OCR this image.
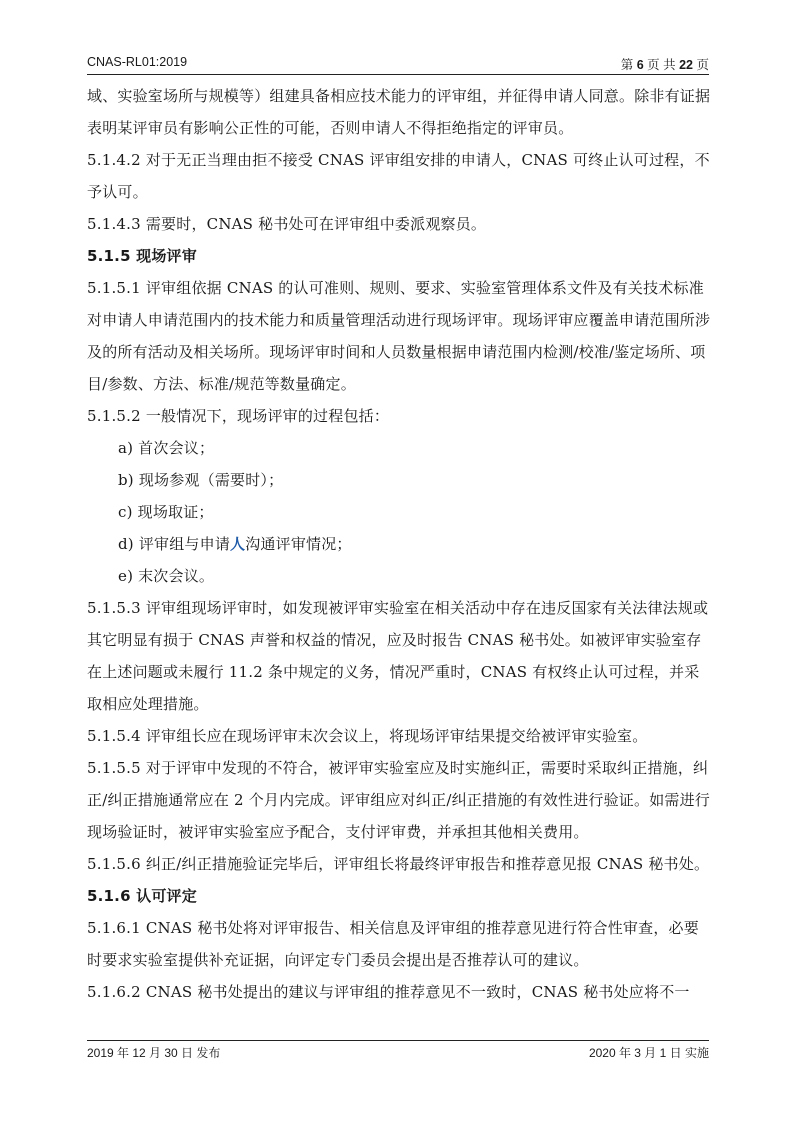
CNAS-RL01:2019	第 6 页 共 22 页

域、实验室场所与规模等）组建具备相应技术能力的评审组，并征得申请人同意。除非有证据表明某评审员有影响公正性的可能，否则申请人不得拒绝指定的评审员。

5.1.4.2 对于无正当理由拒不接受 CNAS 评审组安排的申请人，CNAS 可终止认可过程，不予认可。

5.1.4.3 需要时，CNAS 秘书处可在评审组中委派观察员。

5.1.5 现场评审

5.1.5.1 评审组依据 CNAS 的认可准则、规则、要求、实验室管理体系文件及有关技术标准对申请人申请范围内的技术能力和质量管理活动进行现场评审。现场评审应覆盖申请范围所涉及的所有活动及相关场所。现场评审时间和人员数量根据申请范围内检测/校准/鉴定场所、项目/参数、方法、标准/规范等数量确定。

5.1.5.2 一般情况下，现场评审的过程包括：

a) 首次会议；

b) 现场参观（需要时）；

c) 现场取证；

d) 评审组与申请人沟通评审情况；

e) 末次会议。

5.1.5.3 评审组现场评审时，如发现被评审实验室在相关活动中存在违反国家有关法律法规或其它明显有损于 CNAS 声誉和权益的情况，应及时报告 CNAS 秘书处。如被评审实验室存在上述问题或未履行 11.2 条中规定的义务，情况严重时，CNAS 有权终止认可过程，并采取相应处理措施。

5.1.5.4 评审组长应在现场评审末次会议上，将现场评审结果提交给被评审实验室。

5.1.5.5 对于评审中发现的不符合，被评审实验室应及时实施纠正，需要时采取纠正措施，纠正/纠正措施通常应在 2 个月内完成。评审组应对纠正/纠正措施的有效性进行验证。如需进行现场验证时，被评审实验室应予配合，支付评审费，并承担其他相关费用。

5.1.5.6 纠正/纠正措施验证完毕后，评审组长将最终评审报告和推荐意见报 CNAS 秘书处。

5.1.6 认可评定

5.1.6.1 CNAS 秘书处将对评审报告、相关信息及评审组的推荐意见进行符合性审查，必要时要求实验室提供补充证据，向评定专门委员会提出是否推荐认可的建议。

5.1.6.2 CNAS 秘书处提出的建议与评审组的推荐意见不一致时，CNAS 秘书处应将不一

2019 年 12 月 30 日 发布	2020 年 3 月 1 日 实施
